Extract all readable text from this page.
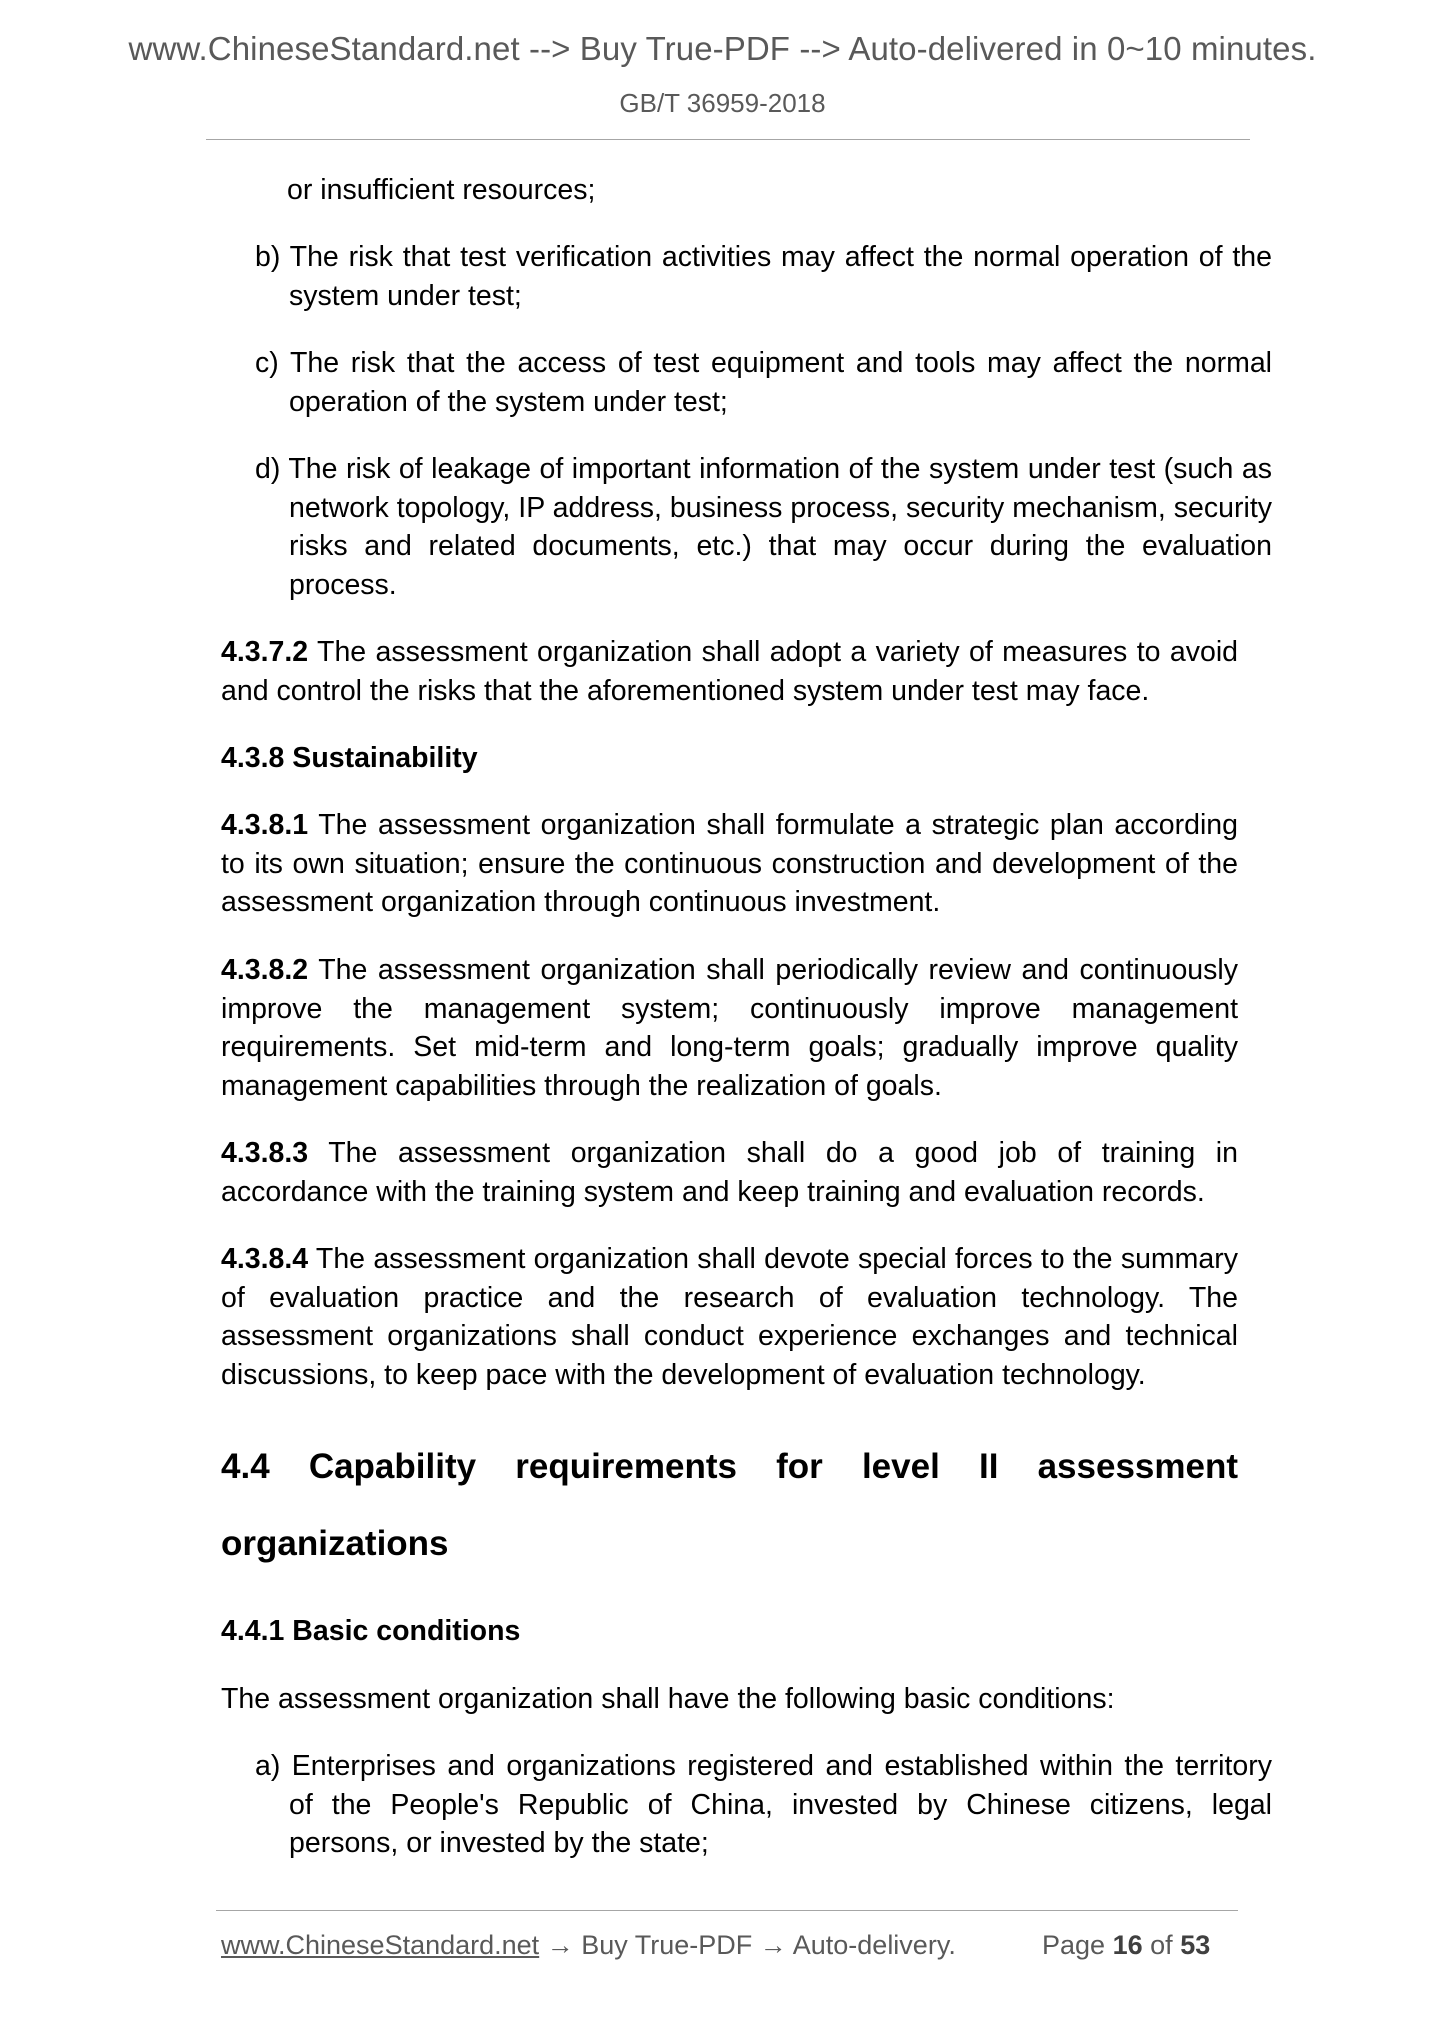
www.ChineseStandard.net --> Buy True-PDF --> Auto-delivered in 0~10 minutes.
GB/T 36959-2018
or insufficient resources;
b) The risk that test verification activities may affect the normal operation of the system under test;
c) The risk that the access of test equipment and tools may affect the normal operation of the system under test;
d) The risk of leakage of important information of the system under test (such as network topology, IP address, business process, security mechanism, security risks and related documents, etc.) that may occur during the evaluation process.
4.3.7.2 The assessment organization shall adopt a variety of measures to avoid and control the risks that the aforementioned system under test may face.
4.3.8 Sustainability
4.3.8.1 The assessment organization shall formulate a strategic plan according to its own situation; ensure the continuous construction and development of the assessment organization through continuous investment.
4.3.8.2 The assessment organization shall periodically review and continuously improve the management system; continuously improve management requirements. Set mid-term and long-term goals; gradually improve quality management capabilities through the realization of goals.
4.3.8.3 The assessment organization shall do a good job of training in accordance with the training system and keep training and evaluation records.
4.3.8.4 The assessment organization shall devote special forces to the summary of evaluation practice and the research of evaluation technology. The assessment organizations shall conduct experience exchanges and technical discussions, to keep pace with the development of evaluation technology.
4.4 Capability requirements for level II assessment
organizations
4.4.1 Basic conditions
The assessment organization shall have the following basic conditions:
a) Enterprises and organizations registered and established within the territory of the People's Republic of China, invested by Chinese citizens, legal persons, or invested by the state;
www.ChineseStandard.net → Buy True-PDF → Auto-delivery.	Page 16 of 53
